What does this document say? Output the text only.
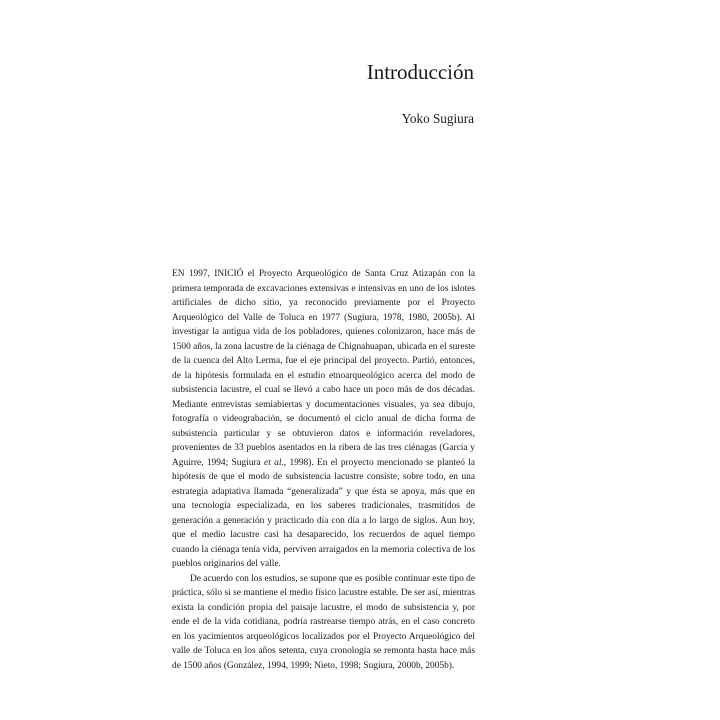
Introducción
Yoko Sugiura

EN 1997, INICIÓ el Proyecto Arqueológico de Santa Cruz Atizapán con la primera temporada de excavaciones extensivas e intensivas en uno de los islotes artificiales de dicho sitio, ya reconocido previamente por el Proyecto Arqueológico del Valle de Toluca en 1977 (Sugiura, 1978, 1980, 2005b). Al investigar la antigua vida de los pobladores, quienes colonizaron, hace más de 1500 años, la zona lacustre de la ciénaga de Chignahuapan, ubicada en el sureste de la cuenca del Alto Lerma, fue el eje principal del proyecto. Partió, entonces, de la hipótesis formulada en el estudio etnoarqueológico acerca del modo de subsistencia lacustre, el cual se llevó a cabo hace un poco más de dos décadas. Mediante entrevistas semiabiertas y documentaciones visuales, ya sea dibujo, fotografía o videograbación, se documentó el ciclo anual de dicha forma de subsistencia particular y se obtuvieron datos e información reveladores, provenientes de 33 pueblos asentados en la ribera de las tres ciénagas (García y Aguirre, 1994; Sugiura et al., 1998). En el proyecto mencionado se planteó la hipótesis de que el modo de subsistencia lacustre consiste, sobre todo, en una estrategia adaptativa llamada “generalizada” y que ésta se apoya, más que en una tecnología especializada, en los saberes tradicionales, trasmitidos de generación a generación y practicado día con día a lo largo de siglos. Aun hoy, que el medio lacustre casi ha desaparecido, los recuerdos de aquel tiempo cuando la ciénaga tenía vida, perviven arraigados en la memoria colectiva de los pueblos originarios del valle.

De acuerdo con los estudios, se supone que es posible continuar este tipo de práctica, sólo si se mantiene el medio físico lacustre estable. De ser así, mientras exista la condición propia del paisaje lacustre, el modo de subsistencia y, por ende el de la vida cotidiana, podría rastrearse tiempo atrás, en el caso concreto en los yacimientos arqueológicos localizados por el Proyecto Arqueológico del valle de Toluca en los años setenta, cuya cronología se remonta hasta hace más de 1500 años (González, 1994, 1999; Nieto, 1998; Sugiura, 2000b, 2005b).
